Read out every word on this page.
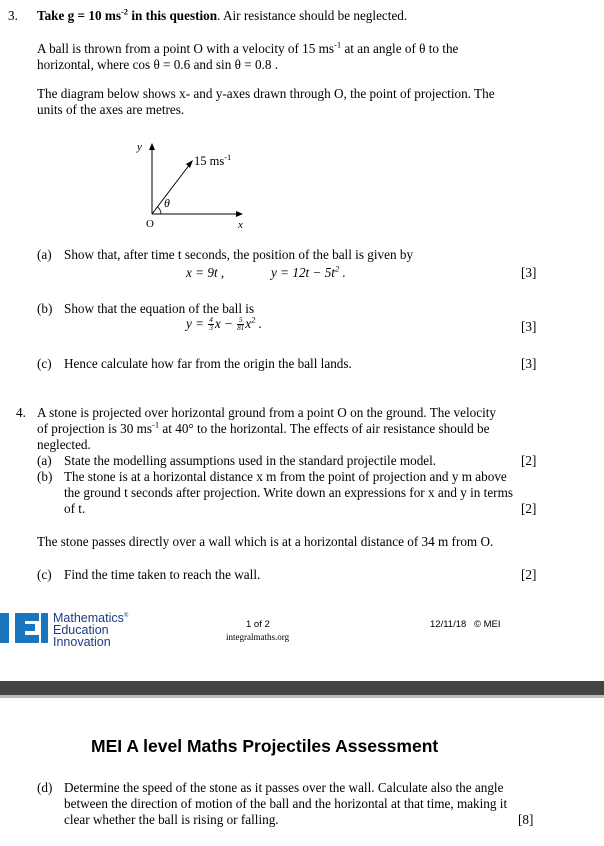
3. Take g = 10 $ms^{-2}$ in this question. Air resistance should be neglected.
A ball is thrown from a point O with a velocity of 15 $ms^{-1}$ at an angle of θ to the
horizontal, where cos θ = 0.6 and sin θ = 0.8 .
The diagram below shows x- and y-axes drawn through O, the point of projection. The
units of the axes are metres.
y
x
O
θ
15 $ms^{-1}$
(a) Show that, after time t seconds, the position of the ball is given by
x = 9t ,	$y = 12t - 5t^2$ .	[3]
(b) Show that the equation of the ball is
$y = \frac{4}{3}$ $x - \frac{5}{81} x^2$ .	[3]
(c) Hence calculate how far from the origin the ball lands.	[3]
4. A stone is projected over horizontal ground from a point O on the ground. The velocity
of projection is 30 $ms^{-1}$ at 40° to the horizontal. The effects of air resistance should be
neglected.
(a) State the modelling assumptions used in the standard projectile model.	[2]
(b) The stone is at a horizontal distance x m from the point of projection and y m above
the ground t seconds after projection. Write down an expressions for x and y in terms
of t.	[2]
The stone passes directly over a wall which is at a horizontal distance of 34 m from O.
(c) Find the time taken to reach the wall.	[2]
Mathematics®
Education
Innovation
1 of 2
integralmaths.org
12/11/18 © MEI
MEI A level Maths Projectiles Assessment
(d) Determine the speed of the stone as it passes over the wall. Calculate also the angle
between the direction of motion of the ball and the horizontal at that time, making it
clear whether the ball is rising or falling.	[8]
